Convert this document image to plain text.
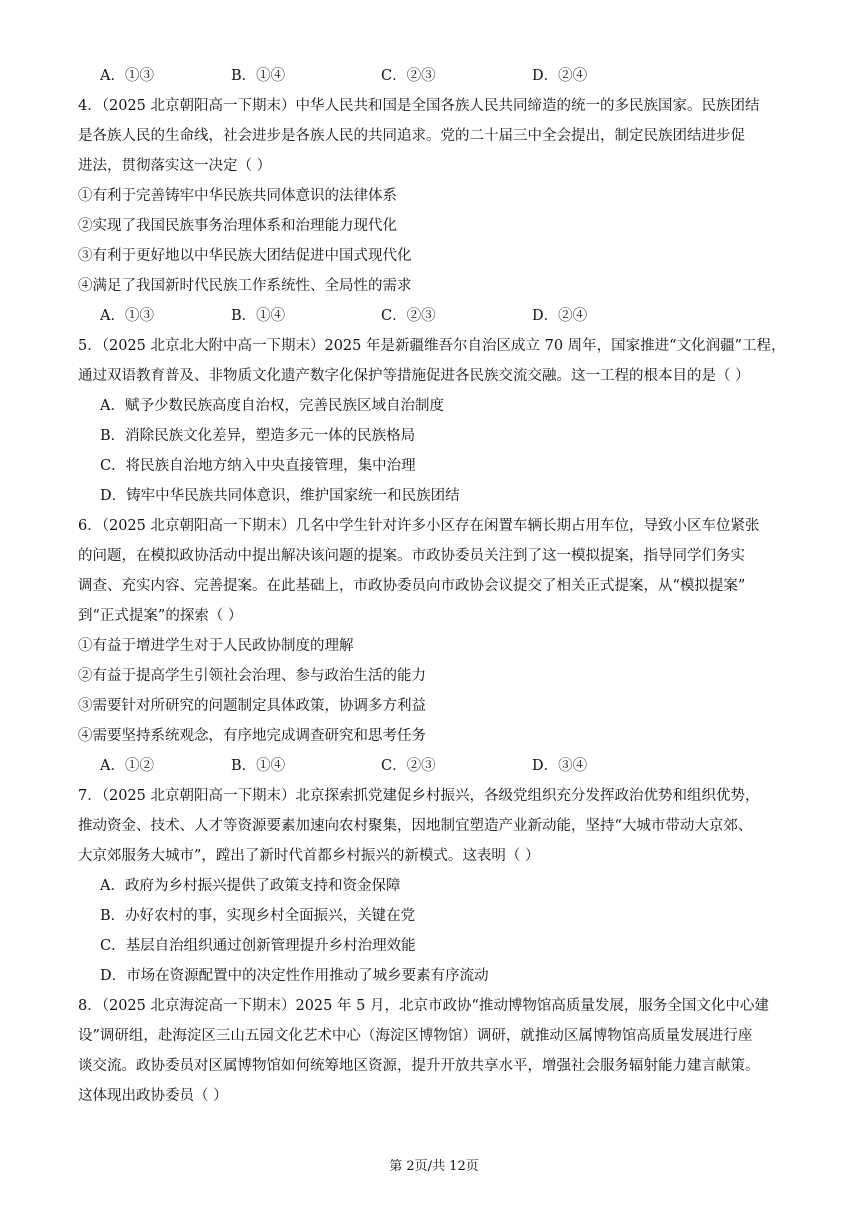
A．①③	B．①④	C．②③	D．②④
4．（2025 北京朝阳高一下期末）中华人民共和国是全国各族人民共同缔造的统一的多民族国家。民族团结
是各族人民的生命线，社会进步是各族人民的共同追求。党的二十届三中全会提出，制定民族团结进步促
进法，贯彻落实这一决定（ ）
①有利于完善铸牢中华民族共同体意识的法律体系
②实现了我国民族事务治理体系和治理能力现代化
③有利于更好地以中华民族大团结促进中国式现代化
④满足了我国新时代民族工作系统性、全局性的需求
A．①③	B．①④	C．②③	D．②④
5．（2025 北京北大附中高一下期末）2025 年是新疆维吾尔自治区成立 70 周年，国家推进“文化润疆”工程，
通过双语教育普及、非物质文化遗产数字化保护等措施促进各民族交流交融。这一工程的根本目的是（ ）
A．赋予少数民族高度自治权，完善民族区域自治制度
B．消除民族文化差异，塑造多元一体的民族格局
C．将民族自治地方纳入中央直接管理，集中治理
D．铸牢中华民族共同体意识，维护国家统一和民族团结
6．（2025 北京朝阳高一下期末）几名中学生针对许多小区存在闲置车辆长期占用车位，导致小区车位紧张
的问题，在模拟政协活动中提出解决该问题的提案。市政协委员关注到了这一模拟提案，指导同学们务实
调查、充实内容、完善提案。在此基础上，市政协委员向市政协会议提交了相关正式提案，从“模拟提案”
到“正式提案”的探索（ ）
①有益于增进学生对于人民政协制度的理解
②有益于提高学生引领社会治理、参与政治生活的能力
③需要针对所研究的问题制定具体政策，协调多方利益
④需要坚持系统观念，有序地完成调查研究和思考任务
A．①②	B．①④	C．②③	D．③④
7．（2025 北京朝阳高一下期末）北京探索抓党建促乡村振兴，各级党组织充分发挥政治优势和组织优势，
推动资金、技术、人才等资源要素加速向农村聚集，因地制宜塑造产业新动能，坚持“大城市带动大京郊、
大京郊服务大城市”，蹚出了新时代首都乡村振兴的新模式。这表明（ ）
A．政府为乡村振兴提供了政策支持和资金保障
B．办好农村的事，实现乡村全面振兴，关键在党
C．基层自治组织通过创新管理提升乡村治理效能
D．市场在资源配置中的决定性作用推动了城乡要素有序流动
8．（2025 北京海淀高一下期末）2025 年 5 月，北京市政协“推动博物馆高质量发展，服务全国文化中心建
设”调研组，赴海淀区三山五园文化艺术中心（海淀区博物馆）调研，就推动区属博物馆高质量发展进行座
谈交流。政协委员对区属博物馆如何统筹地区资源，提升开放共享水平，增强社会服务辐射能力建言献策。
这体现出政协委员（ ）
第 2页/共 12页
